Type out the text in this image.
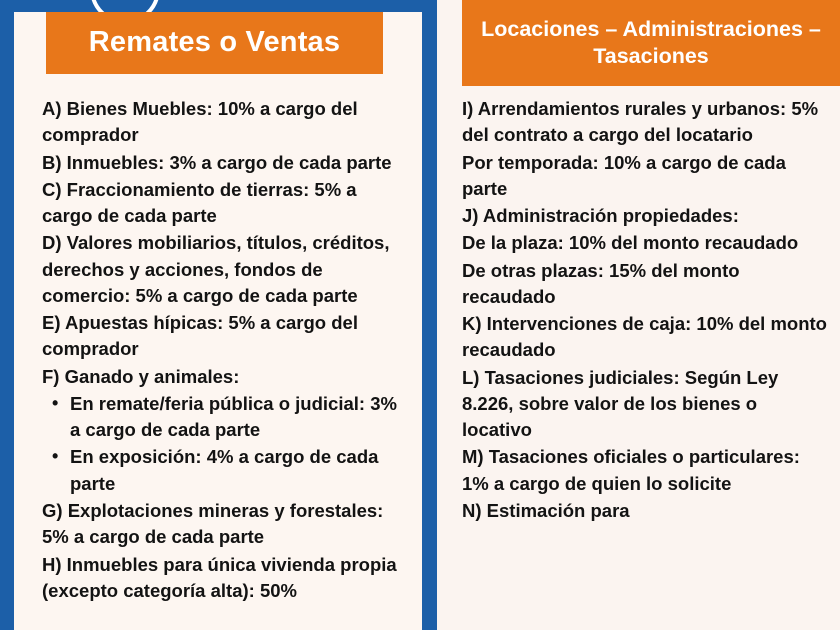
Remates o Ventas	Locaciones – Administraciones – Tasaciones
A) Bienes Muebles: 10% a cargo del comprador
B) Inmuebles: 3% a cargo de cada parte
C) Fraccionamiento de tierras: 5% a cargo de cada parte
D) Valores mobiliarios, títulos, créditos, derechos y acciones, fondos de comercio: 5% a cargo de cada parte
E) Apuestas hípicas: 5% a cargo del comprador
F) Ganado y animales:
• En remate/feria pública o judicial: 3% a cargo de cada parte
• En exposición: 4% a cargo de cada parte
G) Explotaciones mineras y forestales: 5% a cargo de cada parte
H) Inmuebles para única vivienda propia (excepto categoría alta): 50%
I) Arrendamientos rurales y urbanos: 5% del contrato a cargo del locatario
Por temporada: 10% a cargo de cada parte
J) Administración propiedades:
De la plaza: 10% del monto recaudado
De otras plazas: 15% del monto recaudado
K) Intervenciones de caja: 10% del monto recaudado
L) Tasaciones judiciales: Según Ley 8.226, sobre valor de los bienes o locativo
M) Tasaciones oficiales o particulares: 1% a cargo de quien lo solicite
N) Estimación para
